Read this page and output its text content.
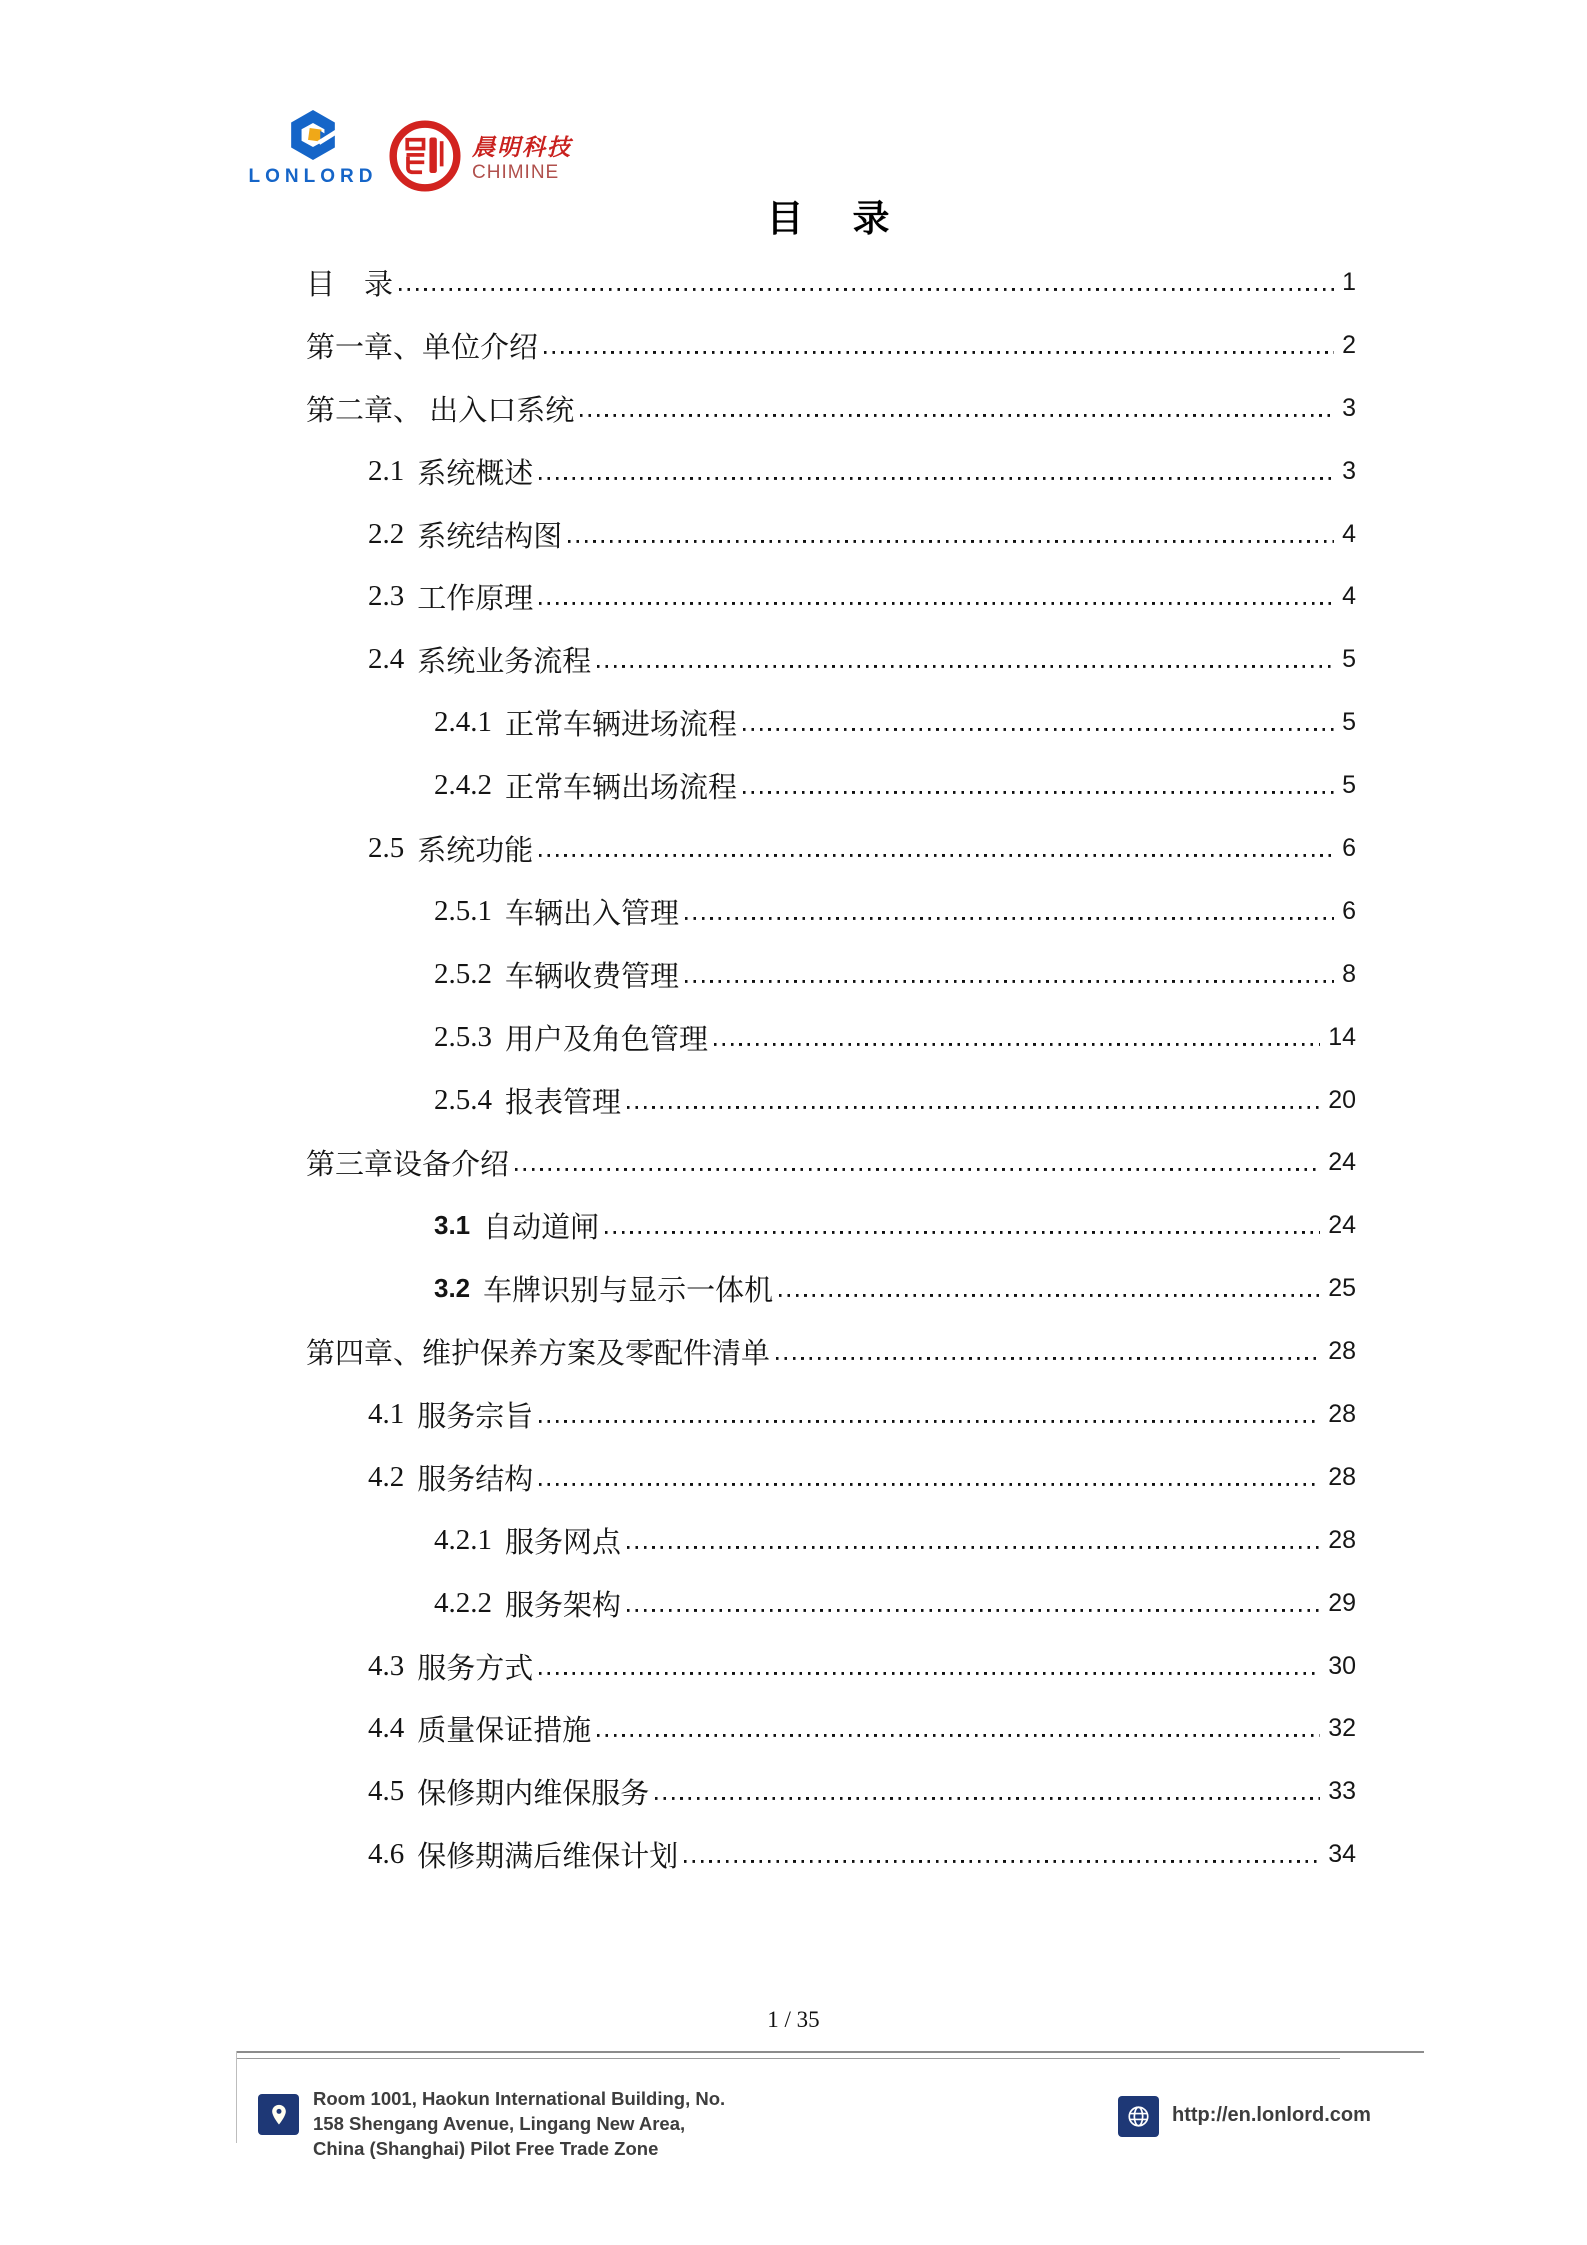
LONLORD
晨明科技
CHIMINE
目　录
目　录	1
第一章、单位介绍	2
第二章、 出入口系统	3
2.1 系统概述	3
2.2 系统结构图	4
2.3 工作原理	4
2.4 系统业务流程	5
2.4.1 正常车辆进场流程	5
2.4.2 正常车辆出场流程	5
2.5 系统功能	6
2.5.1 车辆出入管理	6
2.5.2 车辆收费管理	8
2.5.3 用户及角色管理	14
2.5.4 报表管理	20
第三章设备介绍	24
3.1 自动道闸	24
3.2 车牌识别与显示一体机	25
第四章、维护保养方案及零配件清单	28
4.1 服务宗旨	28
4.2 服务结构	28
4.2.1 服务网点	28
4.2.2 服务架构	29
4.3 服务方式	30
4.4 质量保证措施	32
4.5 保修期内维保服务	33
4.6 保修期满后维保计划	34
1 / 35
Room 1001, Haokun International Building, No.
158 Shengang Avenue, Lingang New Area,
China (Shanghai) Pilot Free Trade Zone
http://en.lonlord.com
